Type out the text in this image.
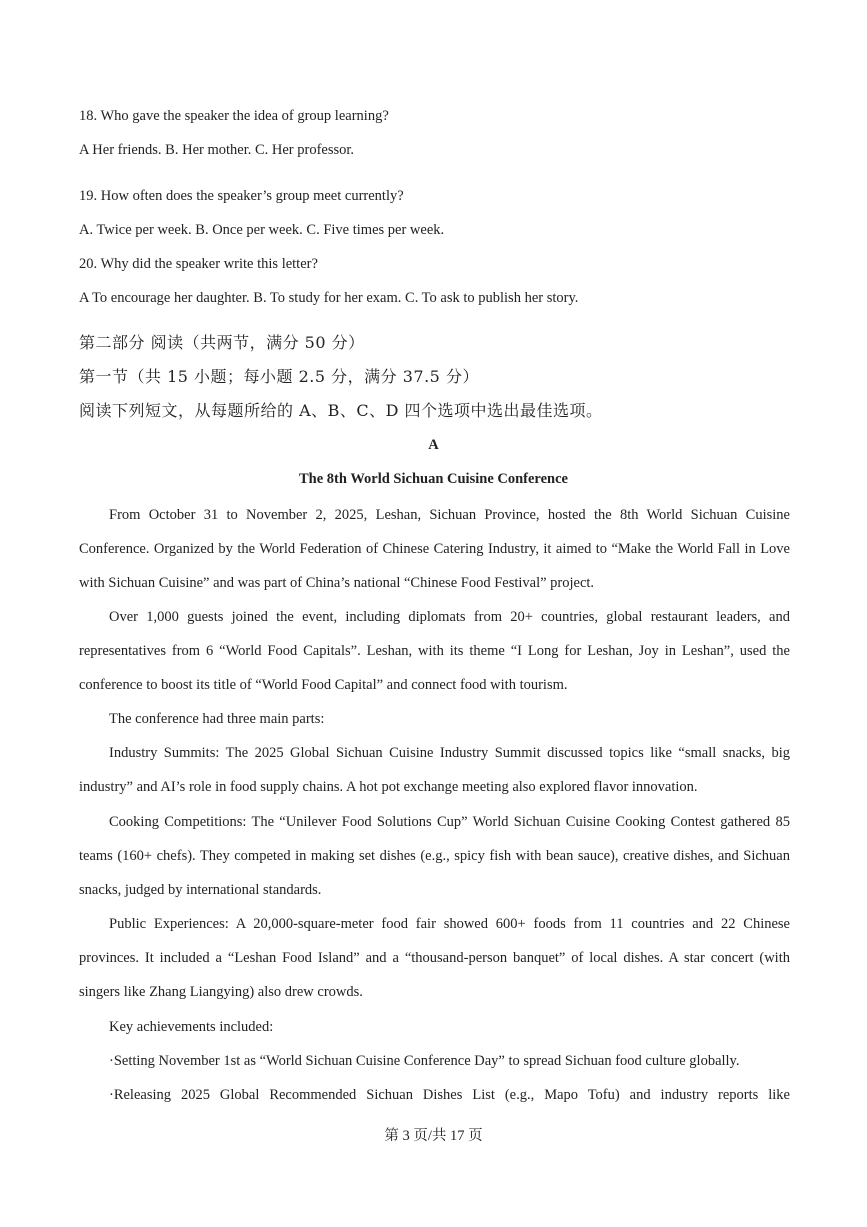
18. Who gave the speaker the idea of group learning?
A Her friends. B. Her mother. C. Her professor.
19. How often does the speaker’s group meet currently?
A. Twice per week. B. Once per week. C. Five times per week.
20. Why did the speaker write this letter?
A To encourage her daughter. B. To study for her exam. C. To ask to publish her story.
第二部分 阅读（共两节，满分 50 分）
第一节（共 15 小题；每小题 2.5 分，满分 37.5 分）
阅读下列短文，从每题所给的 A、B、C、D 四个选项中选出最佳选项。
A
The 8th World Sichuan Cuisine Conference

From October 31 to November 2, 2025, Leshan, Sichuan Province, hosted the 8th World Sichuan Cuisine Conference. Organized by the World Federation of Chinese Catering Industry, it aimed to “Make the World Fall in Love with Sichuan Cuisine” and was part of China’s national “Chinese Food Festival” project.

Over 1,000 guests joined the event, including diplomats from 20+ countries, global restaurant leaders, and representatives from 6 “World Food Capitals”. Leshan, with its theme “I Long for Leshan, Joy in Leshan”, used the conference to boost its title of “World Food Capital” and connect food with tourism.

The conference had three main parts:

Industry Summits: The 2025 Global Sichuan Cuisine Industry Summit discussed topics like “small snacks, big industry” and AI’s role in food supply chains. A hot pot exchange meeting also explored flavor innovation.

Cooking Competitions: The “Unilever Food Solutions Cup” World Sichuan Cuisine Cooking Contest gathered 85 teams (160+ chefs). They competed in making set dishes (e.g., spicy fish with bean sauce), creative dishes, and Sichuan snacks, judged by international standards.

Public Experiences: A 20,000-square-meter food fair showed 600+ foods from 11 countries and 22 Chinese provinces. It included a “Leshan Food Island” and a “thousand-person banquet” of local dishes. A star concert (with singers like Zhang Liangying) also drew crowds.

Key achievements included:

·Setting November 1st as “World Sichuan Cuisine Conference Day” to spread Sichuan food culture globally.

·Releasing 2025 Global Recommended Sichuan Dishes List (e.g., Mapo Tofu) and industry reports like

第 3 页/共 17 页
